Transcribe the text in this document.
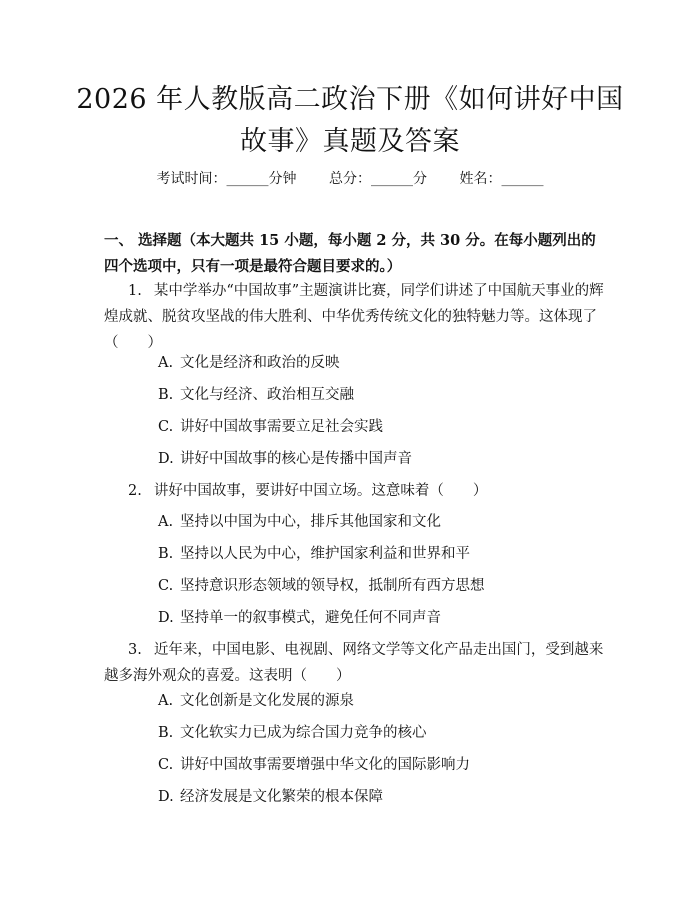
2026 年人教版高二政治下册《如何讲好中国
故事》真题及答案
考试时间：______分钟 总分：______分 姓名：______
一、 选择题（本大题共 15 小题，每小题 2 分，共 30 分。在每小题列出的四个选项中，只有一项是最符合题目要求的。）
1. 某中学举办“中国故事”主题演讲比赛，同学们讲述了中国航天事业的辉煌成就、脱贫攻坚战的伟大胜利、中华优秀传统文化的独特魅力等。这体现了（　　）
A. 文化是经济和政治的反映
B. 文化与经济、政治相互交融
C. 讲好中国故事需要立足社会实践
D. 讲好中国故事的核心是传播中国声音
2. 讲好中国故事，要讲好中国立场。这意味着（　　）
A. 坚持以中国为中心，排斥其他国家和文化
B. 坚持以人民为中心，维护国家利益和世界和平
C. 坚持意识形态领域的领导权，抵制所有西方思想
D. 坚持单一的叙事模式，避免任何不同声音
3. 近年来，中国电影、电视剧、网络文学等文化产品走出国门，受到越来越多海外观众的喜爱。这表明（　　）
A. 文化创新是文化发展的源泉
B. 文化软实力已成为综合国力竞争的核心
C. 讲好中国故事需要增强中华文化的国际影响力
D. 经济发展是文化繁荣的根本保障
